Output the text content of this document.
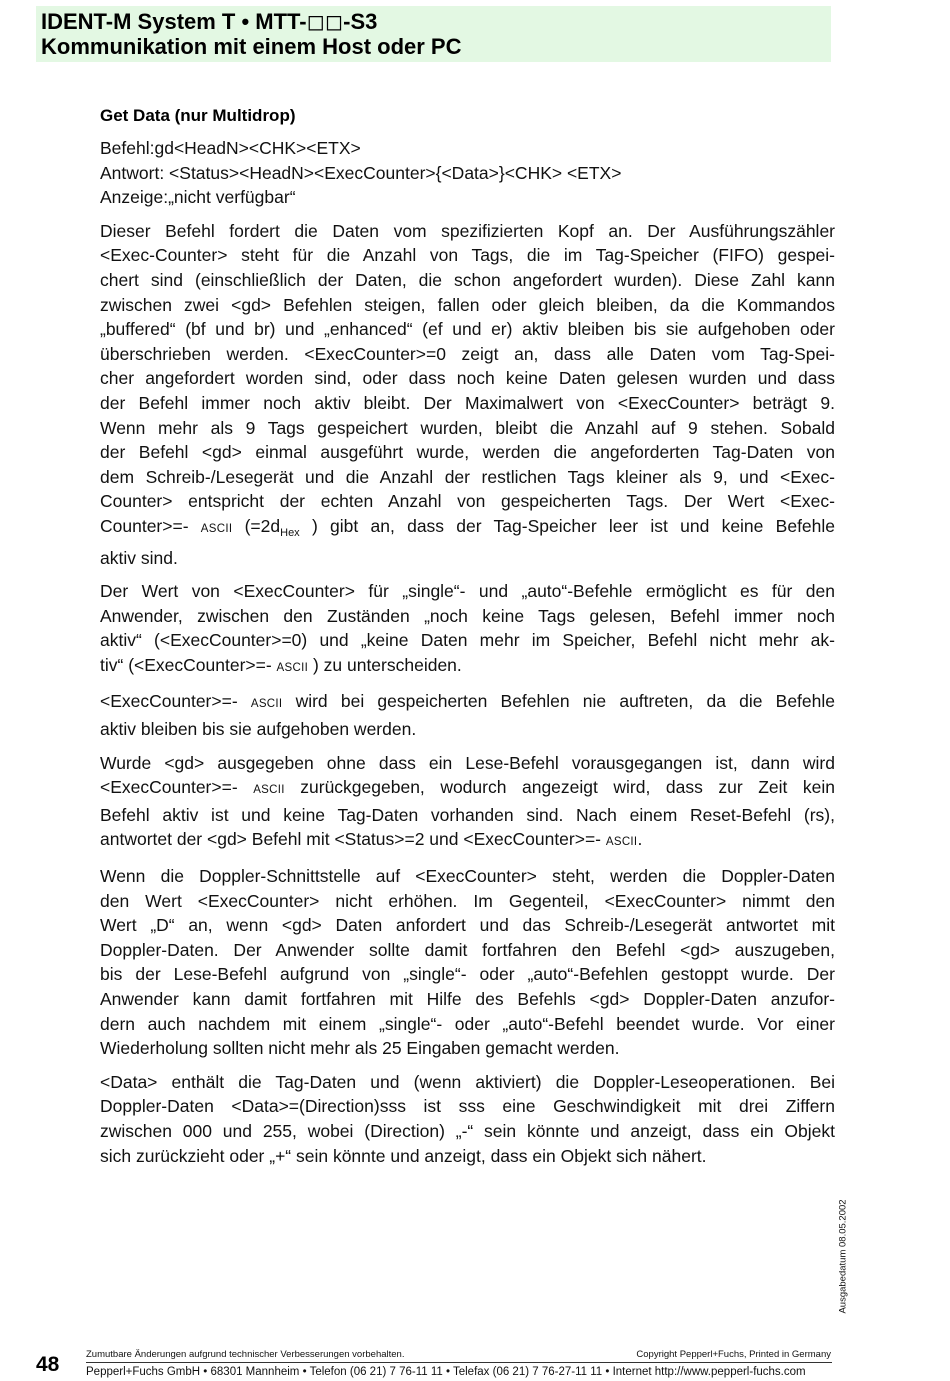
IDENT-M System T • MTT-◻◻-S3
Kommunikation mit einem Host oder PC
Get Data (nur Multidrop)
Befehl:gd<HeadN><CHK><ETX>
Antwort: <Status><HeadN><ExecCounter>{<Data>}<CHK> <ETX>
Anzeige:„nicht verfügbar“
Dieser Befehl fordert die Daten vom spezifizierten Kopf an. Der Ausführungszähler
<Exec-Counter> steht für die Anzahl von Tags, die im Tag-Speicher (FIFO) gespei-
chert sind (einschließlich der Daten, die schon angefordert wurden). Diese Zahl kann
zwischen zwei <gd> Befehlen steigen, fallen oder gleich bleiben, da die Kommandos
„buffered“ (bf und br) und „enhanced“ (ef und er) aktiv bleiben bis sie aufgehoben oder
überschrieben werden. <ExecCounter>=0 zeigt an, dass alle Daten vom Tag-Spei-
cher angefordert worden sind, oder dass noch keine Daten gelesen wurden und dass
der Befehl immer noch aktiv bleibt. Der Maximalwert von <ExecCounter> beträgt 9.
Wenn mehr als 9 Tags gespeichert wurden, bleibt die Anzahl auf 9 stehen. Sobald
der Befehl <gd> einmal ausgeführt wurde, werden die angeforderten Tag-Daten von
dem Schreib-/Lesegerät und die Anzahl der restlichen Tags kleiner als 9, und <Exec-
Counter> entspricht der echten Anzahl von gespeicherten Tags. Der Wert <Exec-
Counter>=- ASCII ($=2d_{Hex}$ ) gibt an, dass der Tag-Speicher leer ist und keine Befehle
aktiv sind.
Der Wert von <ExecCounter> für „single“- und „auto“-Befehle ermöglicht es für den
Anwender, zwischen den Zuständen „noch keine Tags gelesen, Befehl immer noch
aktiv“ (<ExecCounter>=0) und „keine Daten mehr im Speicher, Befehl nicht mehr ak-
tiv“ (<ExecCounter>=- ASCII ) zu unterscheiden.
<ExecCounter>=- ASCII wird bei gespeicherten Befehlen nie auftreten, da die Befehle
aktiv bleiben bis sie aufgehoben werden.
Wurde <gd> ausgegeben ohne dass ein Lese-Befehl vorausgegangen ist, dann wird
<ExecCounter>=- ASCII zurückgegeben, wodurch angezeigt wird, dass zur Zeit kein
Befehl aktiv ist und keine Tag-Daten vorhanden sind. Nach einem Reset-Befehl (rs),
antwortet der <gd> Befehl mit <Status>=2 und <ExecCounter>=- ASCII.
Wenn die Doppler-Schnittstelle auf <ExecCounter> steht, werden die Doppler-Daten
den Wert <ExecCounter> nicht erhöhen. Im Gegenteil, <ExecCounter> nimmt den
Wert „D“ an, wenn <gd> Daten anfordert und das Schreib-/Lesegerät antwortet mit
Doppler-Daten. Der Anwender sollte damit fortfahren den Befehl <gd> auszugeben,
bis der Lese-Befehl aufgrund von „single“- oder „auto“-Befehlen gestoppt wurde. Der
Anwender kann damit fortfahren mit Hilfe des Befehls <gd> Doppler-Daten anzufor-
dern auch nachdem mit einem „single“- oder „auto“-Befehl beendet wurde. Vor einer
Wiederholung sollten nicht mehr als 25 Eingaben gemacht werden.
<Data> enthält die Tag-Daten und (wenn aktiviert) die Doppler-Leseoperationen. Bei
Doppler-Daten <Data>=(Direction)sss ist sss eine Geschwindigkeit mit drei Ziffern
zwischen 000 und 255, wobei (Direction) „-“ sein könnte und anzeigt, dass ein Objekt
sich zurückzieht oder „+“ sein könnte und anzeigt, dass ein Objekt sich nähert.
Ausgabedatum 08.05.2002
48	Zumutbare Änderungen aufgrund technischer Verbesserungen vorbehalten.	Copyright Pepperl+Fuchs, Printed in Germany
Pepperl+Fuchs GmbH • 68301 Mannheim • Telefon (06 21) 7 76-11 11 • Telefax (06 21) 7 76-27-11 11 • Internet http://www.pepperl-fuchs.com
